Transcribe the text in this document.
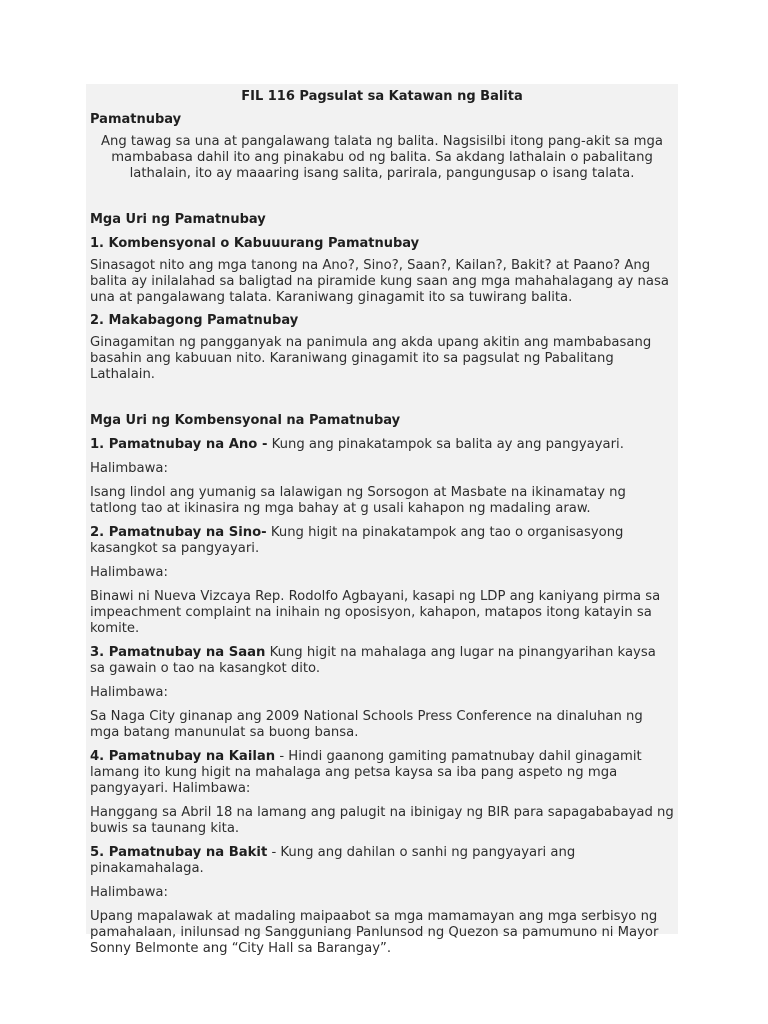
FIL 116 Pagsulat sa Katawan ng Balita
Pamatnubay
Ang tawag sa una at pangalawang talata ng balita. Nagsisilbi itong pang-akit sa mga mambabasa dahil ito ang pinakabu od ng balita. Sa akdang lathalain o pabalitang lathalain, ito ay maaaring isang salita, parirala, pangungusap o isang talata.
Mga Uri ng Pamatnubay
1. Kombensyonal o Kabuuurang Pamatnubay
Sinasagot nito ang mga tanong na Ano?, Sino?, Saan?, Kailan?, Bakit? at Paano? Ang balita ay inilalahad sa baligtad na piramide kung saan ang mga mahahalagang ay nasa una at pangalawang talata. Karaniwang ginagamit ito sa tuwirang balita.
2. Makabagong Pamatnubay
Ginagamitan ng pangganyak na panimula ang akda upang akitin ang mambabasang basahin ang kabuuan nito. Karaniwang ginagamit ito sa pagsulat ng Pabalitang Lathalain.
Mga Uri ng Kombensyonal na Pamatnubay
1. Pamatnubay na Ano - Kung ang pinakatampok sa balita ay ang pangyayari.
Halimbawa:
Isang lindol ang yumanig sa lalawigan ng Sorsogon at Masbate na ikinamatay ng tatlong tao at ikinasira ng mga bahay at g usali kahapon ng madaling araw.
2. Pamatnubay na Sino- Kung higit na pinakatampok ang tao o organisasyong kasangkot sa pangyayari.
Halimbawa:
Binawi ni Nueva Vizcaya Rep. Rodolfo Agbayani, kasapi ng LDP ang kaniyang pirma sa impeachment complaint na inihain ng oposisyon, kahapon, matapos itong katayin sa komite.
3. Pamatnubay na Saan Kung higit na mahalaga ang lugar na pinangyarihan kaysa sa gawain o tao na kasangkot dito.
Halimbawa:
Sa Naga City ginanap ang 2009 National Schools Press Conference na dinaluhan ng mga batang manunulat sa buong bansa.
4. Pamatnubay na Kailan - Hindi gaanong gamiting pamatnubay dahil ginagamit lamang ito kung higit na mahalaga ang petsa kaysa sa iba pang aspeto ng mga pangyayari. Halimbawa:
Hanggang sa Abril 18 na lamang ang palugit na ibinigay ng BIR para sapagababayad ng buwis sa taunang kita.
5. Pamatnubay na Bakit - Kung ang dahilan o sanhi ng pangyayari ang pinakamahalaga.
Halimbawa:
Upang mapalawak at madaling maipaabot sa mga mamamayan ang mga serbisyo ng pamahalaan, inilunsad ng Sangguniang Panlunsod ng Quezon sa pamumuno ni Mayor Sonny Belmonte ang “City Hall sa Barangay”.
